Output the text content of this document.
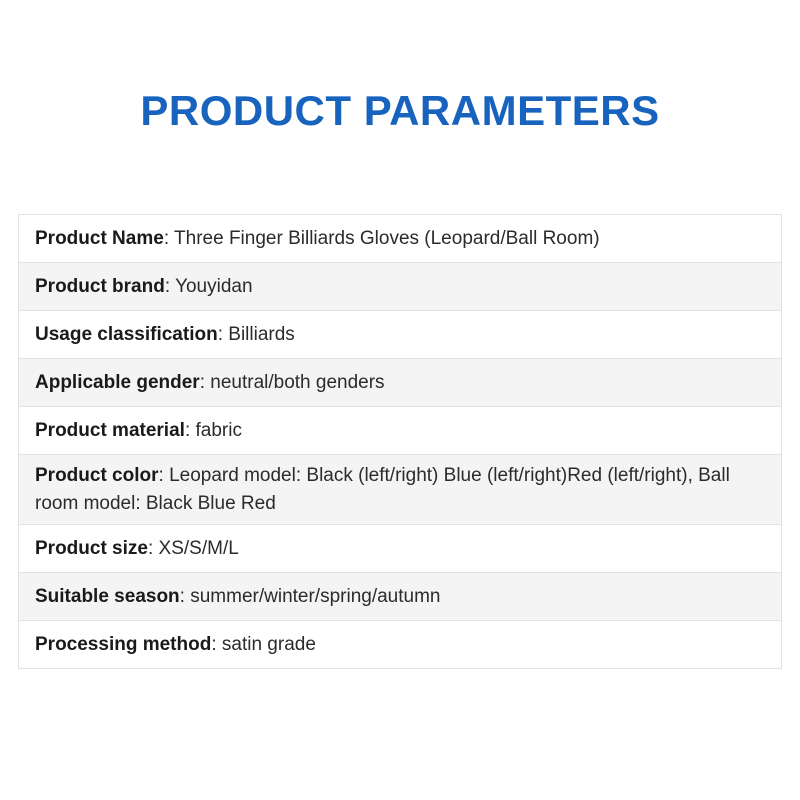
PRODUCT PARAMETERS
Product Name: Three Finger Billiards Gloves (Leopard/Ball Room)
Product brand: Youyidan
Usage classification: Billiards
Applicable gender: neutral/both genders
Product material: fabric
Product color: Leopard model: Black (left/right) Blue (left/right)Red (left/right), Ball room model: Black Blue Red
Product size: XS/S/M/L
Suitable season: summer/winter/spring/autumn
Processing method: satin grade
